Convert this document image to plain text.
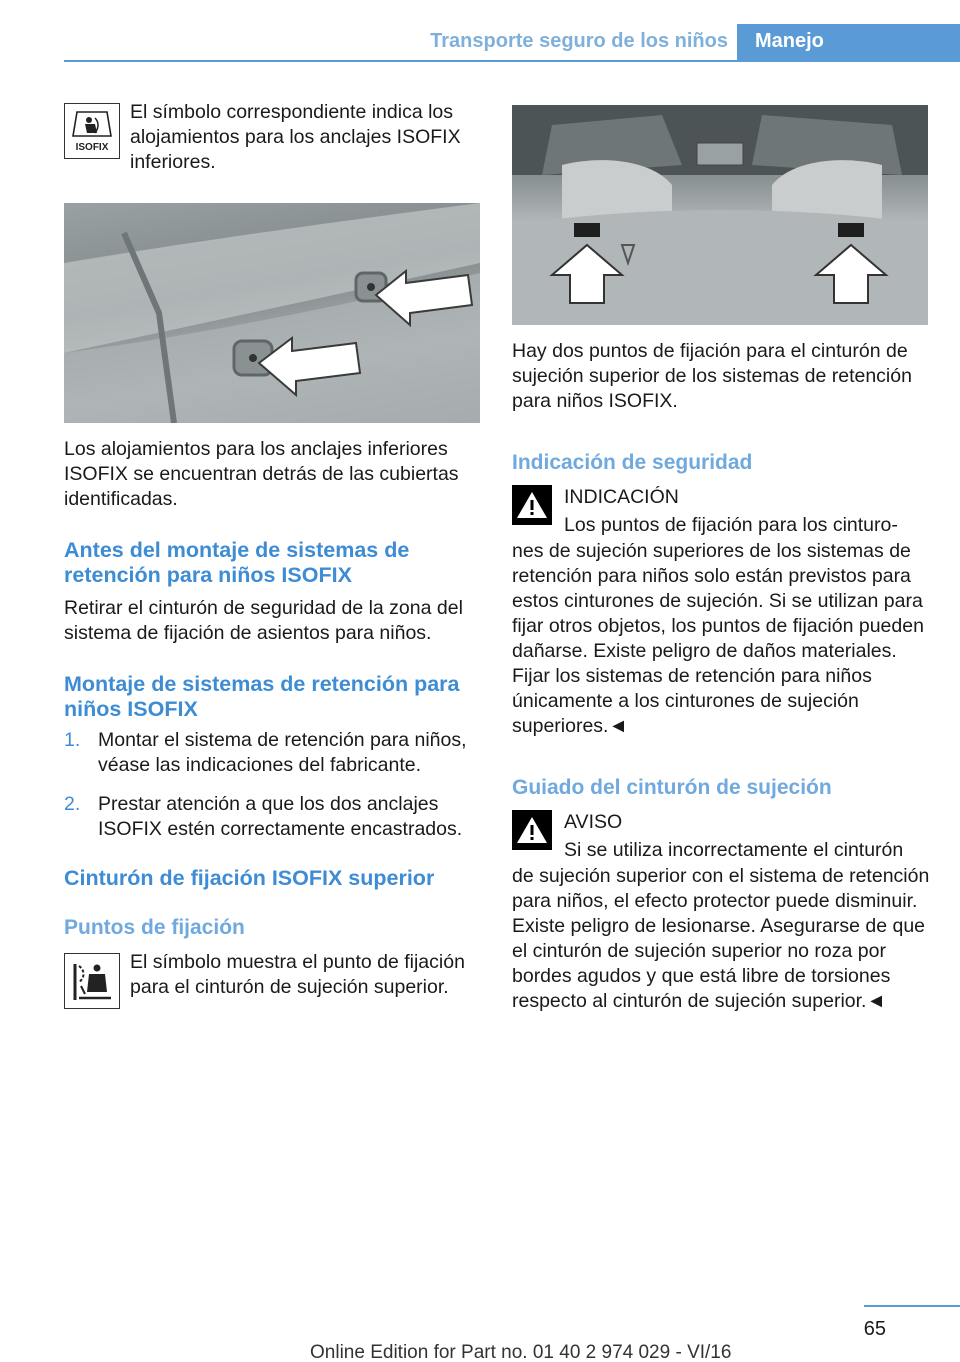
Transporte seguro de los niños	Manejo
ISOFIX

El símbolo correspondiente indica los alojamientos para los anclajes ISOFIX inferiores.

Los alojamientos para los anclajes inferiores ISOFIX se encuentran detrás de las cubiertas identificadas.

Antes del montaje de sistemas de retención para niños ISOFIX

Retirar el cinturón de seguridad de la zona del sistema de fijación de asientos para niños.

Montaje de sistemas de retención para niños ISOFIX
1. Montar el sistema de retención para niños, véase las indicaciones del fabricante.
2. Prestar atención a que los dos anclajes ISOFIX estén correctamente encastrados.
Cinturón de fijación ISOFIX superior
Puntos de fijación

El símbolo muestra el punto de fijación para el cinturón de sujeción superior.

Hay dos puntos de fijación para el cinturón de sujeción superior de los sistemas de retención para niños ISOFIX.

Indicación de seguridad

INDICACIÓN

Los puntos de fijación para los cinturo-

nes de sujeción superiores de los sistemas de retención para niños solo están previstos para estos cinturones de sujeción. Si se utilizan para fijar otros objetos, los puntos de fijación pueden dañarse. Existe peligro de daños materiales. Fijar los sistemas de retención para niños únicamente a los cinturones de sujeción superiores.◄

Guiado del cinturón de sujeción

AVISO

Si se utiliza incorrectamente el cinturón

de sujeción superior con el sistema de retención para niños, el efecto protector puede disminuir. Existe peligro de lesionarse. Asegurarse de que el cinturón de sujeción superior no roza por bordes agudos y que está libre de torsiones respecto al cinturón de sujeción superior.◄

65
Online Edition for Part no. 01 40 2 974 029 - VI/16
